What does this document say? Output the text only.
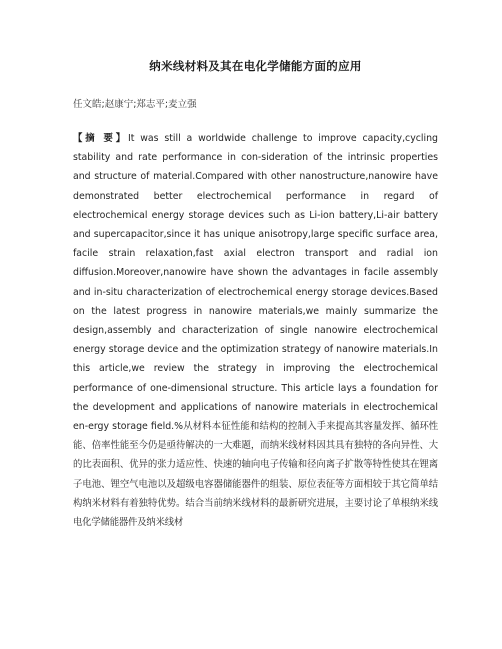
纳米线材料及其在电化学储能方面的应用
任文皓;赵康宁;郑志平;麦立强
【摘 要】It was still a worldwide challenge to improve capacity,cycling stability and rate performance in con-sideration of the intrinsic properties and structure of material.Compared with other nanostructure,nanowire have demonstrated better electrochemical performance in regard of electrochemical energy storage devices such as Li-ion battery,Li-air battery and supercapacitor,since it has unique anisotropy,large specific surface area, facile strain relaxation,fast axial electron transport and radial ion diffusion.Moreover,nanowire have shown the advantages in facile assembly and in-situ characterization of electrochemical energy storage devices.Based on the latest progress in nanowire materials,we mainly summarize the design,assembly and characterization of single nanowire electrochemical energy storage device and the optimization strategy of nanowire materials.In this article,we review the strategy in improving the electrochemical performance of one-dimensional structure. This article lays a foundation for the development and applications of nanowire materials in electrochemical en-ergy storage field.%从材料本征性能和结构的控制入手来提高其容量发挥、循环性能、倍率性能至今仍是亟待解决的一大难题，而纳米线材料因其具有独特的各向异性、大的比表面积、优异的张力适应性、快速的轴向电子传输和径向离子扩散等特性使其在锂离子电池、锂空气电池以及超级电容器储能器件的组装、原位表征等方面相较于其它简单结构纳米材料有着独特优势。结合当前纳米线材料的最新研究进展，主要讨论了单根纳米线电化学储能器件及纳米线材
